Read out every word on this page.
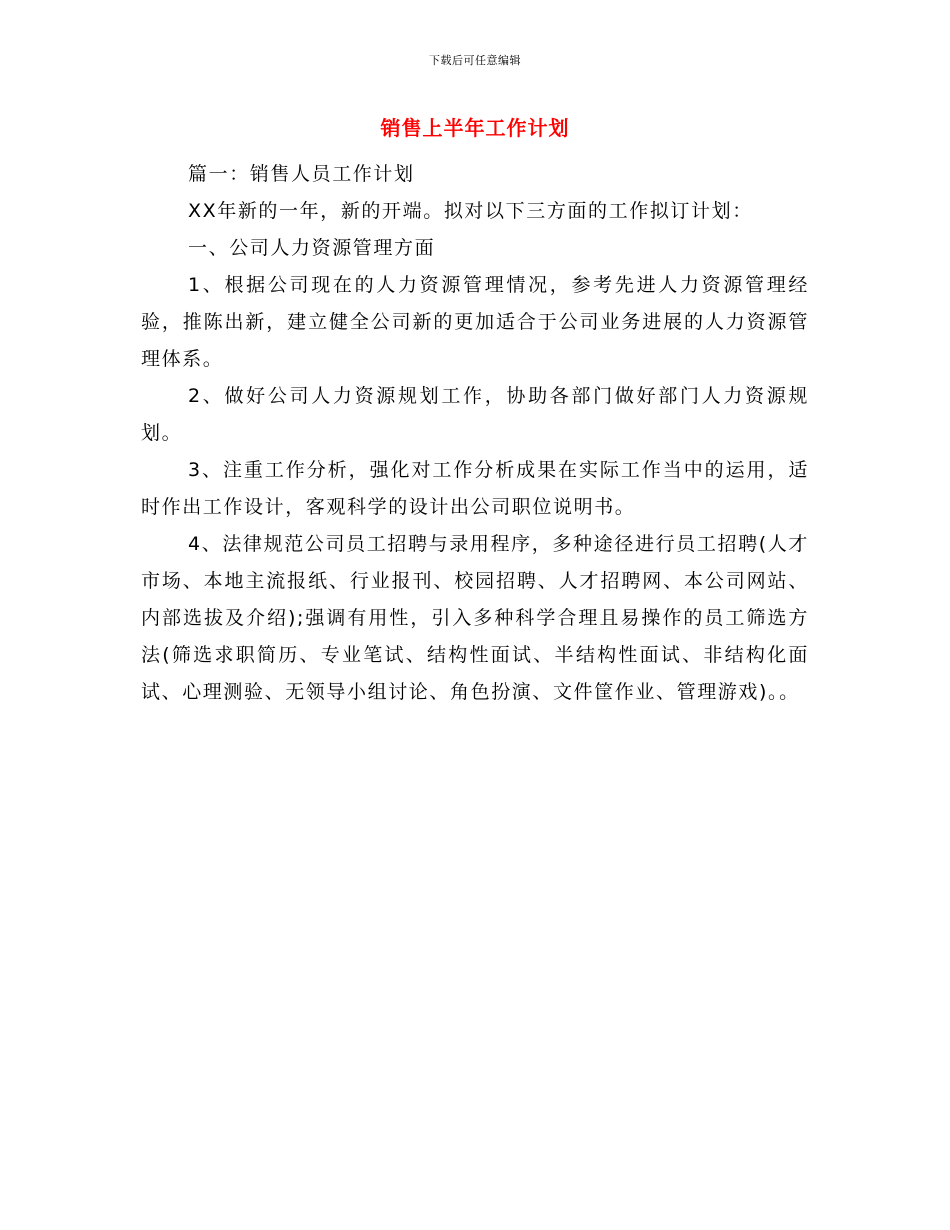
下载后可任意编辑
销售上半年工作计划

篇一：销售人员工作计划

XX年新的一年，新的开端。拟对以下三方面的工作拟订计划：

一、公司人力资源管理方面

1、根据公司现在的人力资源管理情况，参考先进人力资源管理经验，推陈出新，建立健全公司新的更加适合于公司业务进展的人力资源管理体系。

2、做好公司人力资源规划工作，协助各部门做好部门人力资源规划。

3、注重工作分析，强化对工作分析成果在实际工作当中的运用，适时作出工作设计，客观科学的设计出公司职位说明书。

4、法律规范公司员工招聘与录用程序，多种途径进行员工招聘(人才市场、本地主流报纸、行业报刊、校园招聘、人才招聘网、本公司网站、内部选拔及介绍);强调有用性，引入多种科学合理且易操作的员工筛选方法(筛选求职简历、专业笔试、结构性面试、半结构性面试、非结构化面试、心理测验、无领导小组讨论、角色扮演、文件筐作业、管理游戏)。。
